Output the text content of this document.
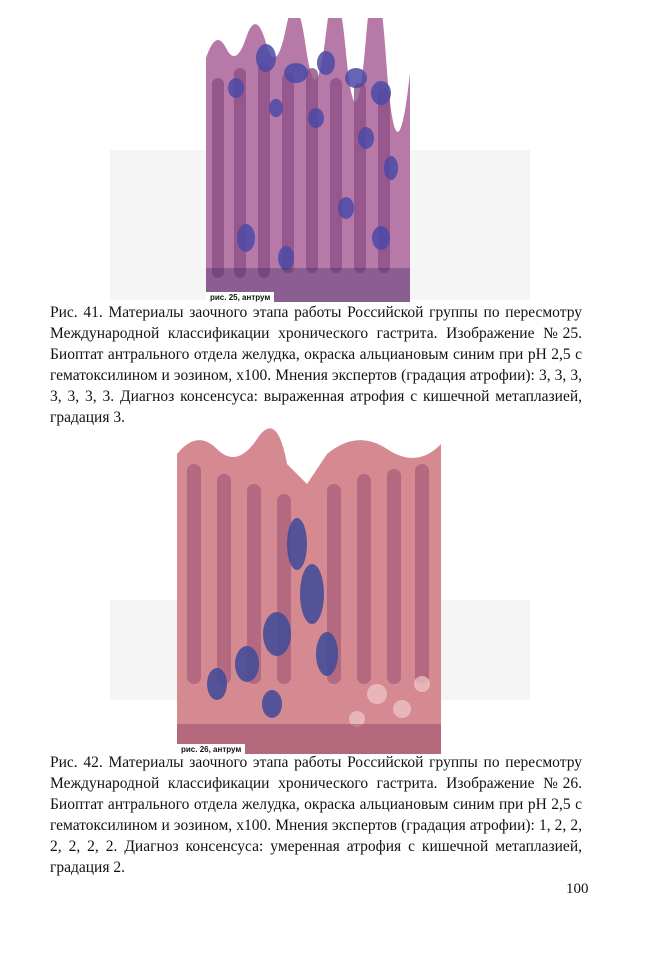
рис. 25, антрум

Рис. 41. Материалы заочного этапа работы Российской группы по пересмотру Международной классификации хронического гастрита. Изображение №25. Биоптат антрального отдела желудка, окраска альциановым синим при pH 2,5 с гематоксилином и эозином, x100. Мнения экспертов (градация атрофии): 3, 3, 3, 3, 3, 3, 3. Диагноз консенсуса: выраженная атрофия с кишечной метаплазией, градация 3.

рис. 26, антрум

Рис. 42. Материалы заочного этапа работы Российской группы по пересмотру Международной классификации хронического гастрита. Изображение №26. Биоптат антрального отдела желудка, окраска альциановым синим при pH 2,5 с гематоксилином и эозином, x100. Мнения экспертов (градация атрофии): 1, 2, 2, 2, 2, 2, 2. Диагноз консенсуса: умеренная атрофия с кишечной метаплазией, градация 2.

100
